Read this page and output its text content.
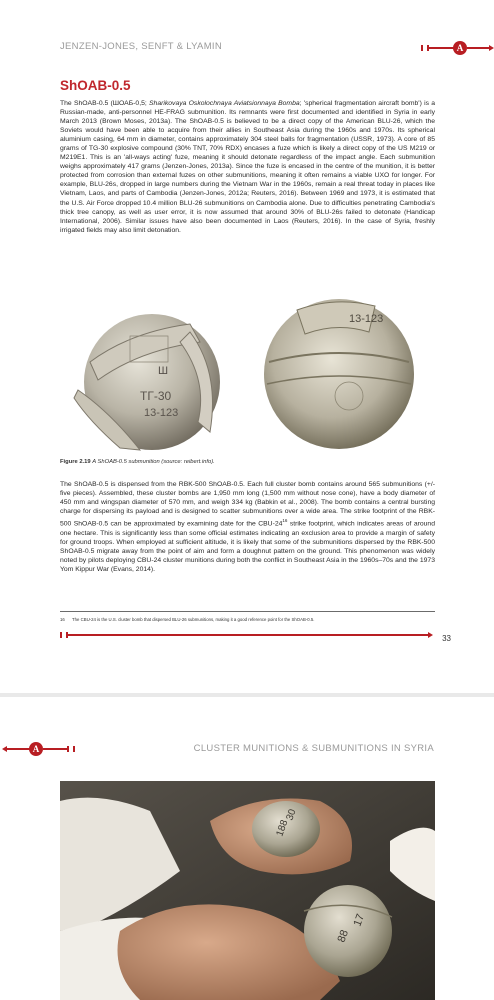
JENZEN-JONES, SENFT & LYAMIN	A
ShOAB-0.5

The ShOAB-0.5 (ШОАБ-0,5; Sharikovaya Oskolochnaya Aviatsionnaya Bomba; 'spherical fragmentation aircraft bomb') is a Russian-made, anti-personnel HE-FRAG submunition. Its remnants were first documented and identified in Syria in early March 2013 (Brown Moses, 2013a). The ShOAB-0.5 is believed to be a direct copy of the American BLU-26, which the Soviets would have been able to acquire from their allies in Southeast Asia during the 1960s and 1970s. Its spherical aluminium casing, 64 mm in diameter, contains approximately 304 steel balls for fragmentation (USSR, 1973). A core of 85 grams of TG-30 explosive compound (30% TNT, 70% RDX) encases a fuze which is likely a direct copy of the US M219 or M219E1. This is an 'all-ways acting' fuze, meaning it should detonate regardless of the impact angle. Each submunition weighs approximately 417 grams (Jenzen-Jones, 2013a). Since the fuze is encased in the centre of the munition, it is better protected from corrosion than external fuzes on other submunitions, meaning it often remains a viable UXO for longer. For example, BLU-26s, dropped in large numbers during the Vietnam War in the 1960s, remain a real threat today in places like Vietnam, Laos, and parts of Cambodia (Jenzen-Jones, 2012a; Reuters, 2016). Between 1969 and 1973, it is estimated that the U.S. Air Force dropped 10.4 million BLU-26 submunitions on Cambodia alone. Due to difficulties penetrating Cambodia's thick tree canopy, as well as user error, it is now assumed that around 30% of BLU-26s failed to detonate (Handicap International, 2006). Similar issues have also been documented in Laos (Reuters, 2016). In the case of Syria, freshly irrigated fields may also limit detonation.

Ш
ТГ-30
13-123
13-123
Figure 2.19 A ShOAB-0.5 submunition (source: reibert.info).

The ShOAB-0.5 is dispensed from the RBK-500 ShOAB-0.5. Each full cluster bomb contains around 565 submunitions (+/- five pieces). Assembled, these cluster bombs are 1,950 mm long (1,500 mm without nose cone), have a body diameter of 450 mm and wingspan diameter of 570 mm, and weigh 334 kg (Babkin et al., 2008). The bomb contains a central bursting charge for dispersing its payload and is designed to scatter submunitions over a wide area. The strike footprint of the RBK-500 ShOAB-0.5 can be approximated by examining date for the CBU-$24^{16}$ strike footprint, which indicates areas of around one hectare. This is significantly less than some official estimates indicating an exclusion area to provide a margin of safety for ground troops. When employed at sufficient altitude, it is likely that some of the submunitions dispersed by the RBK-500 ShOAB-0.5 migrate away from the point of aim and form a doughnut pattern on the ground. This phenomenon was widely noted by pilots deploying CBU-24 cluster munitions during both the conflict in Southeast Asia in the 1960s–70s and the 1973 Yom Kippur War (Evans, 2014).

16 The CBU-24 is the U.S. cluster bomb that dispersed BLU-26 submunitions, making it a good reference point for the ShOAB-0.5.
33
A	CLUSTER MUNITIONS & SUBMUNITIONS IN SYRIA
30
188
17
88
